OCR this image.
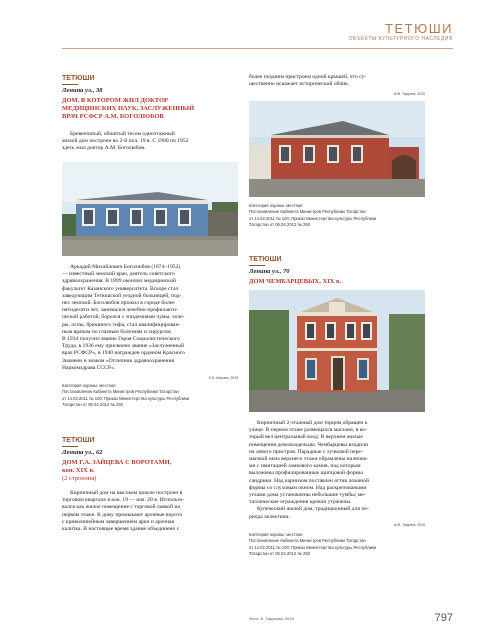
ТЕТЮШИ
ОБЪЕКТЫ КУЛЬТУРНОГО НАСЛЕДИЯ
ТЕТЮШИ
Ленина ул., 38
ДОМ, В КОТОРОМ ЖИЛ ДОКТОР
МЕДИЦИНСКИХ НАУК, ЗАСЛУЖЕННЫЙ
ВРАЧ РСФСР А.М. БОГОЛЮБОВ
Бревенчатый, обшитый тесом одноэтажный
жилой дом построен во 2-й пол. 19 в. С 1900 по 1952
здесь жил доктор А.М. Боголюбов.
Аркадий Михайлович Боголюбов (1874–1952)
— известный земский врач, деятель советского
здравоохранения. В 1899 окончил медицинский
факультет Казанского университета. Вскоре стал
заведующим Тетюшской уездной больницей, под-
нес земской. Боголюбов прожил в городе более
пятидесяти лет, занимался лечебно-профилакти-
ческой работой, боролся с эпидемиями чумы, холе-
ры, оспы, брюшного тифа, стал квалифицирован-
ным врачом по глазным болезням и хирургом.
В 1934 получил звание Героя Социалистического
Труда, в 1936 ему присвоено звание «Заслуженный
врач РСФСР», в 1940 награжден орденом Красного
Знамени и знаком «Отличник здравоохранения
Наркомздрава СССР».
Е.Б. Ильина, 2015
Категория охраны: местная
Постановление Кабинета Министров Республики Татарстан
от 14.02.2011 № 100; Приказ Министерства культуры Республики
Татарстан от 06.04.2012 № 250
ТЕТЮШИ
Ленина ул., 62
ДОМ Г.А. ЗАЙЦЕВА С ВОРОТАМИ,
кон. XIX в.
(2 строения)
Кирпичный дом на высоком цоколе построен в
торговом квартале в кон. 19 — нач. 20 в. Использо-
вался как жилое помещение с торговой лавкой на
первом этаже. К дому примыкают арочные ворота
с криволинейным завершением арки и арочная
калитка. В настоящее время здание объединено с
более поздним пристроем одной крышей, что су-
щественно искажает исторический облик.
А.М. Тарунов, 2015
Категория охраны: местная
Постановление Кабинета Министров Республики Татарстан
от 14.02.2011 № 100; Приказ Министерства культуры Республики
Татарстан от 06.04.2012 № 250
ТЕТЮШИ
Ленина ул., 70
ДОМ ЧЕМБАРЦЕВЫХ, XIX в.
Кирпичный 2-этажный дом торцом обращен к
улице. В первом этаже размещался магазин, в ко-
торый вел центральный вход. В верхнем жилые
помещения домовладельцы. Чембарцевы входили
на левого пристроя. Парадные с лучковой пере-
мычкой окна верхнего этажа обрамлены налична-
ми с имитацией замкового камня, над которым
выложены профилированные щипцовой формы
сандрики. Над карнизом поставлен аттик ломаной
формы со слуховым окном. Над раскреповаными
углами дома установлены небольшие тумбы; ме-
таллические ограждения кровли утрачены.
Купеческий жилой дом, традиционный для пе-
риода эклектики.
А.М. Тарунов, 2015
Категория охраны: местная
Постановление Кабинета Министров Республики Татарстан
от 14.02.2011 № 100; Приказ Министерства культуры Республики
Татарстан от 06.04.2012 № 250
Фото: А. Тарунова, 2015	797
